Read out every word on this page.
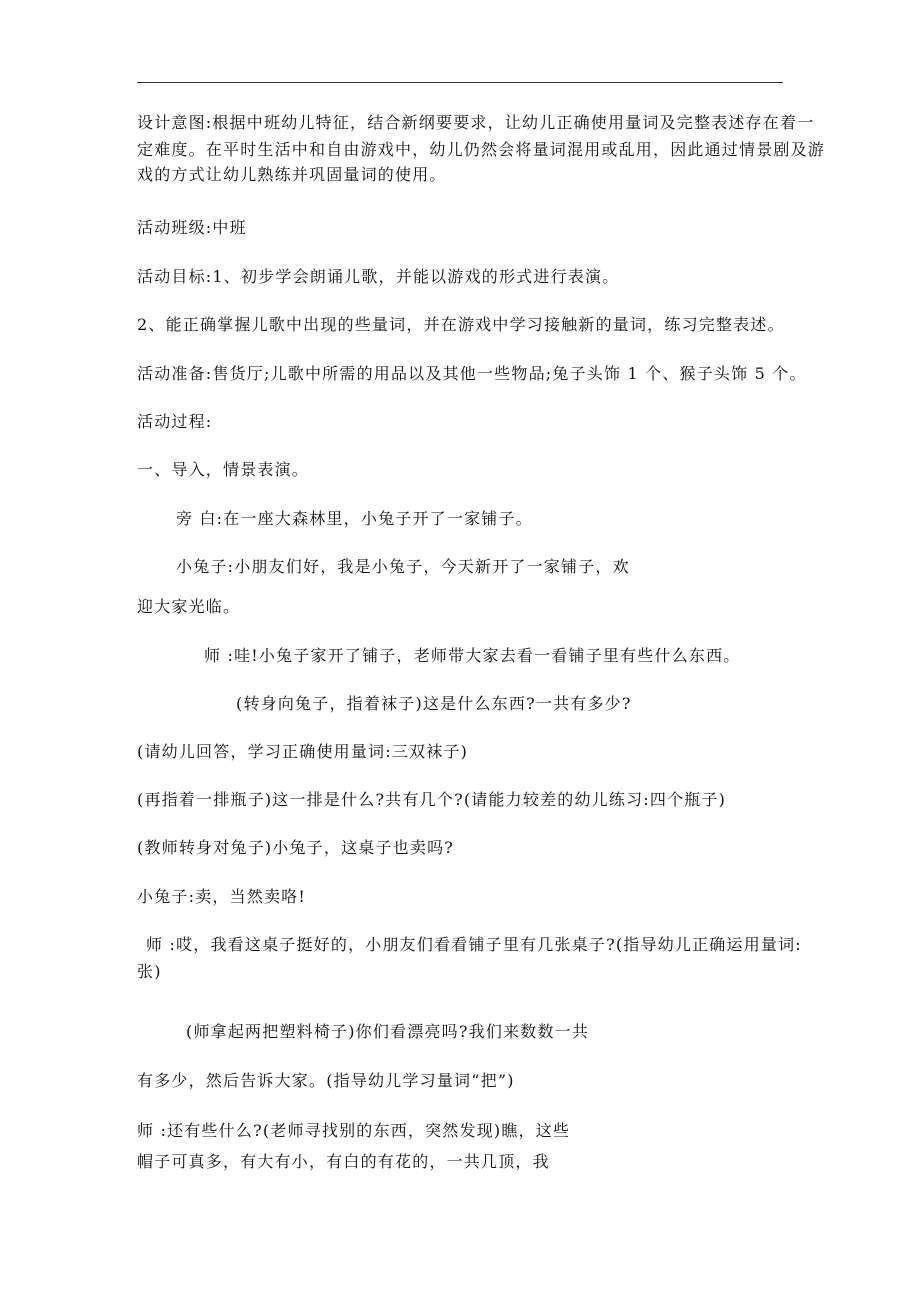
设计意图:根据中班幼儿特征，结合新纲要要求，让幼儿正确使用量词及完整表述存在着一
定难度。在平时生活中和自由游戏中，幼儿仍然会将量词混用或乱用，因此通过情景剧及游
戏的方式让幼儿熟练并巩固量词的使用。
活动班级:中班
活动目标:1、初步学会朗诵儿歌，并能以游戏的形式进行表演。
2、能正确掌握儿歌中出现的些量词，并在游戏中学习接触新的量词，练习完整表述。
活动准备:售货厅;儿歌中所需的用品以及其他一些物品;兔子头饰 1 个、猴子头饰 5 个。
活动过程:
一、导入，情景表演。
旁 白:在一座大森林里，小兔子开了一家铺子。
小兔子:小朋友们好，我是小兔子，今天新开了一家铺子，欢
迎大家光临。
师 :哇!小兔子家开了铺子，老师带大家去看一看铺子里有些什么东西。
(转身向兔子，指着袜子)这是什么东西?一共有多少?
(请幼儿回答，学习正确使用量词:三双袜子)
(再指着一排瓶子)这一排是什么?共有几个?(请能力较差的幼儿练习:四个瓶子)
(教师转身对兔子)小兔子，这桌子也卖吗?
小兔子:卖，当然卖咯!
师 :哎，我看这桌子挺好的，小朋友们看看铺子里有几张桌子?(指导幼儿正确运用量词:
张)
(师拿起两把塑料椅子)你们看漂亮吗?我们来数数一共
有多少，然后告诉大家。(指导幼儿学习量词“把”)
师 :还有些什么?(老师寻找别的东西，突然发现)瞧，这些
帽子可真多，有大有小，有白的有花的，一共几顶，我
